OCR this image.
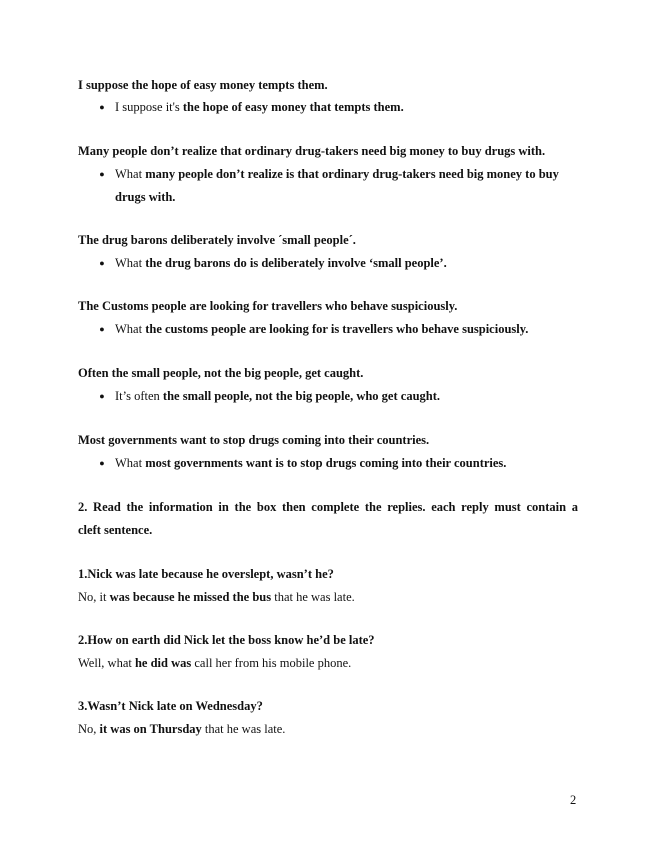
I suppose the hope of easy money tempts them.
● I suppose it's the hope of easy money that tempts them.
Many people don’t realize that ordinary drug-takers need big money to buy drugs with.
● What many people don’t realize is that ordinary drug-takers need big money to buy
drugs with.
The drug barons deliberately involve ´small people´.
● What the drug barons do is deliberately involve ‘small people’.
The Customs people are looking for travellers who behave suspiciously.
● What the customs people are looking for is travellers who behave suspiciously.
Often the small people, not the big people, get caught.
● It’s often the small people, not the big people, who get caught.
Most governments want to stop drugs coming into their countries.
● What most governments want is to stop drugs coming into their countries.
2. Read the information in the box then complete the replies. each reply must contain a
cleft sentence.
1.Nick was late because he overslept, wasn’t he?
No, it was because he missed the bus that he was late.
2.How on earth did Nick let the boss know he’d be late?
Well, what he did was call her from his mobile phone.
3.Wasn’t Nick late on Wednesday?
No, it was on Thursday that he was late.
2
